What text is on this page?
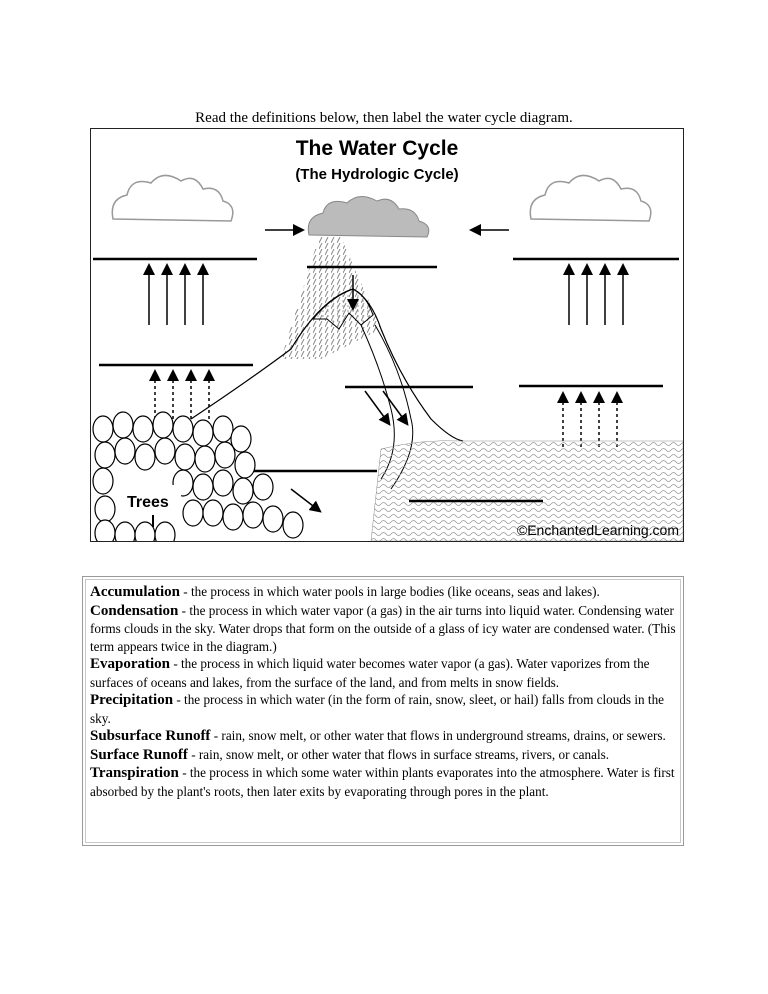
Read the definitions below, then label the water cycle diagram.
The Water Cycle
(The Hydrologic Cycle)
Trees
©EnchantedLearning.com

Accumulation - the process in which water pools in large bodies (like oceans, seas and lakes).

Condensation - the process in which water vapor (a gas) in the air turns into liquid water. Condensing water forms clouds in the sky. Water drops that form on the outside of a glass of icy water are condensed water. (This term appears twice in the diagram.)

Evaporation - the process in which liquid water becomes water vapor (a gas). Water vaporizes from the surfaces of oceans and lakes, from the surface of the land, and from melts in snow fields.

Precipitation - the process in which water (in the form of rain, snow, sleet, or hail) falls from clouds in the sky.

Subsurface Runoff - rain, snow melt, or other water that flows in underground streams, drains, or sewers.

Surface Runoff - rain, snow melt, or other water that flows in surface streams, rivers, or canals.

Transpiration - the process in which some water within plants evaporates into the atmosphere. Water is first absorbed by the plant's roots, then later exits by evaporating through pores in the plant.
